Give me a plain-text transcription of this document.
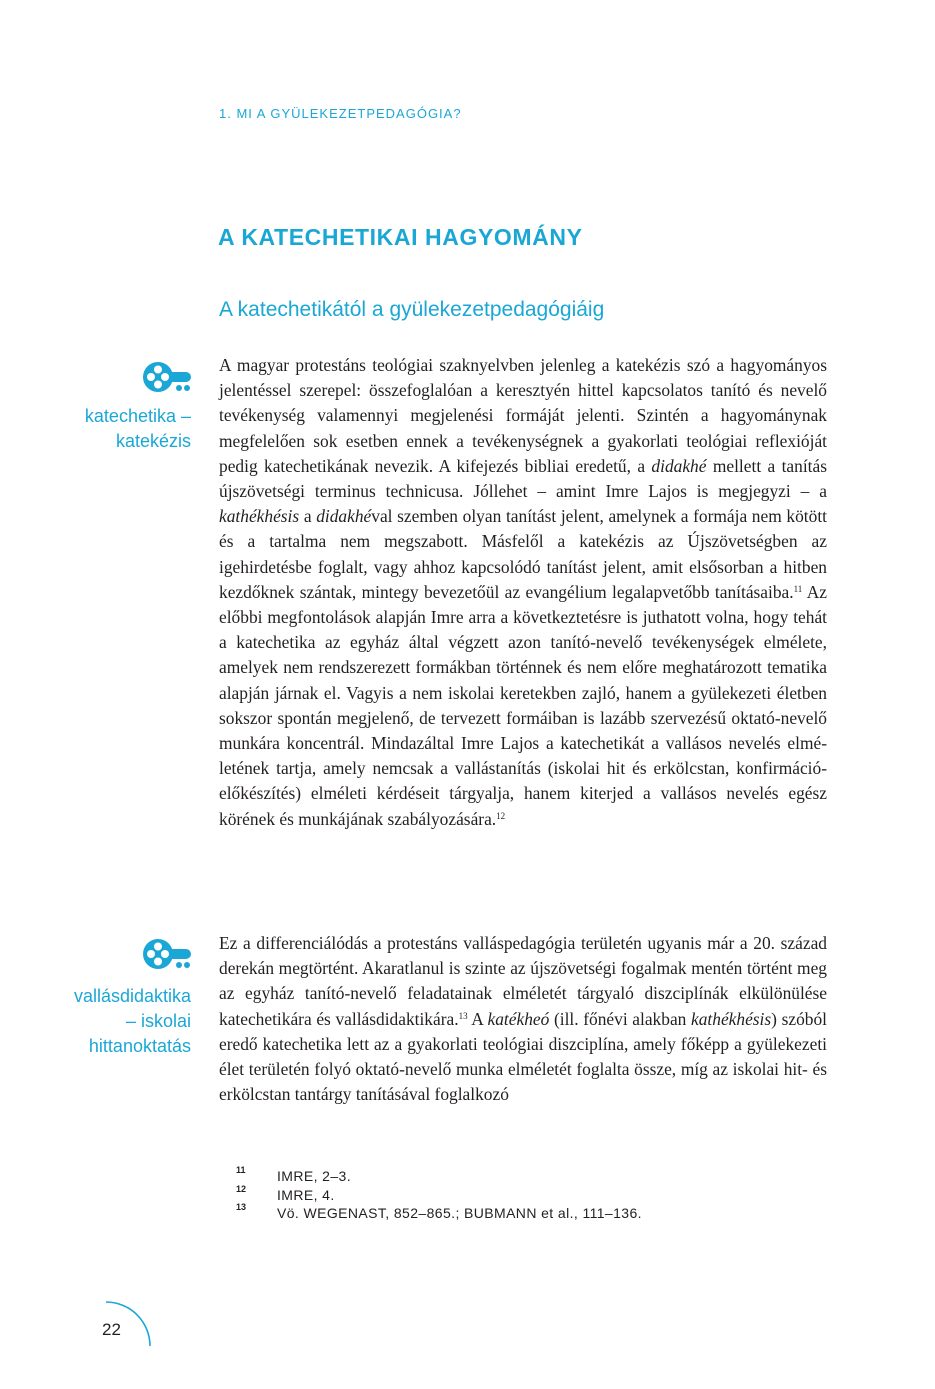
1. MI A GYÜLEKEZETPEDAGÓGIA?
A KATECHETIKAI HAGYOMÁNY
A katechetikától a gyülekezetpedagógiáig
katechetika –
katekézis
vallásdidaktika
– iskolai
hittanoktatás
A magyar protestáns teológiai szaknyelvben jelenleg a katekézis szó a hagyományos jelentéssel szerepel: összefoglalóan a keresztyén hittel kapcsolatos tanító és nevelő tevékenység valamennyi megjelenési formáját jelenti. Szintén a hagyománynak megfelelően sok esetben ennek a tevékenységnek a gyakorlati teológiai reflexióját pedig katechetikának nevezik. A kifejezés bibliai eredetű, a didakhé mellett a tanítás újszövetségi terminus technicusa. Jóllehet – amint Imre Lajos is megjegyzi – a kathékhésis a didakhéval szemben olyan tanítást jelent, amelynek a formája nem kötött és a tartalma nem megszabott. Másfelől a katekézis az Újszövetségben az igehirdetésbe foglalt, vagy ahhoz kapcsolódó tanítást jelent, amit elsősorban a hitben kezdőknek szántak, mintegy bevezetőül az evangélium legalapvetőbb tanításaiba.$^{11}$ Az előbbi megfontolások alapján Imre arra a következtetésre is juthatott volna, hogy tehát a katechetika az egyház által végzett azon tanító-nevelő tevékenységek elmélete, amelyek nem rendszerezett formákban történnek és nem előre meghatározott tematika alapján járnak el. Vagyis a nem iskolai keretekben zajló, hanem a gyülekezeti életben sokszor spontán megjelenő, de tervezett formáiban is lazább szervezésű oktató-nevelő munkára koncentrál. Mindazáltal Imre Lajos a katechetikát a vallásos nevelés elméletének tartja, amely nemcsak a vallástanítás (iskolai hit és erkölcstan, konfirmáció-előkészítés) elméleti kérdéseit tárgyalja, hanem kiterjed a vallásos nevelés egész körének és munkájának szabályozására.$^{12}$
Ez a differenciálódás a protestáns valláspedagógia területén ugyanis már a 20. század derekán megtörtént. Akaratlanul is szinte az újszövetségi fogalmak mentén történt meg az egyház tanító-nevelő feladatainak elméletét tárgyaló diszciplínák elkülönülése katechetikára és vallásdidaktikára.$^{13}$ A katékheó (ill. főnévi alakban kathékhésis) szóból eredő katechetika lett az a gyakorlati teológiai diszciplína, amely főképp a gyülekezeti élet területén folyó oktató-nevelő munka elméletét foglalta össze, míg az iskolai hit- és erkölcstan tantárgy tanításával foglalkozó
11 IMRE, 2–3.
12 IMRE, 4.
13 Vö. WEGENAST, 852–865.; BUBMANN et al., 111–136.
22
